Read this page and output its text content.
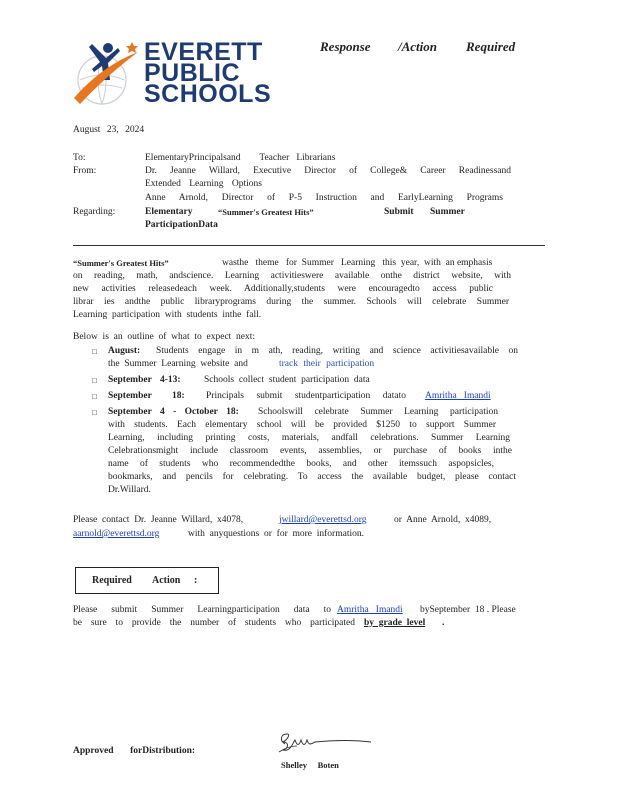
EVERETT
PUBLIC
SCHOOLS
Response /Action Required
August 23, 2024
To:	ElementaryPrincipalsand        Teacher   Librarians
From:	Dr. Jeanne Willard, Executive Director of College& Career Readinessand
Extended Learning Options
Anne Arnold, Director of P-5 Instruction and EarlyLearning Programs
Regarding:	Elementary	“Summer's Greatest Hits”	Submit Summer
ParticipationData
“Summer's Greatest Hits”	wasthe   theme   for  Summer   Learning   this  year,  with  an emphasis
on reading, math, andscience. Learning activitieswere available onthe district website, with
new activities releasedeach week. Additionally,students were encouragedto access public
librar ies andthe public libraryprograms during the summer. Schools will celebrate Summer
Learning  participation  with  students  inthe  fall.
Below  is  an  outline  of  what  to  expect  next:
□ August: Students engage in m ath, reading, writing and science activitiesavailable on
the  Summer  Learning  website  and	track their participation
□ September 4-13: Schools  collect  student  participation  data
□ September 18: Principals submit studentparticipation datato Amritha   Imandi
□ September 4 - October 18: Schoolswill celebrate Summer Learning participation
with students. Each elementary school will be provided $1250 to support Summer
Learning, including printing costs, materials, andfall celebrations. Summer Learning
Celebrationsmight include classroom events, assemblies, or purchase of books inthe
name of students who recommendedthe books, and other itemssuch aspopsicles,
bookmarks, and pencils for celebrating. To access the available budget, please contact
Dr.Willard.
Please  contact  Dr.  Jeanne  Willard,  x4078,	jwillard@everettsd.org	or  Anne  Arnold,  x4089,
aarnold@everettsd.org	with  anyquestions  or  for  more  information.
Required Action :
Please submit Summer Learningparticipation data to Amritha   Imandi	bySeptember  18 . Please
be sure to provide the number of students who participated by  grade  level .
Approved       forDistribution:
Shelley     Boten
